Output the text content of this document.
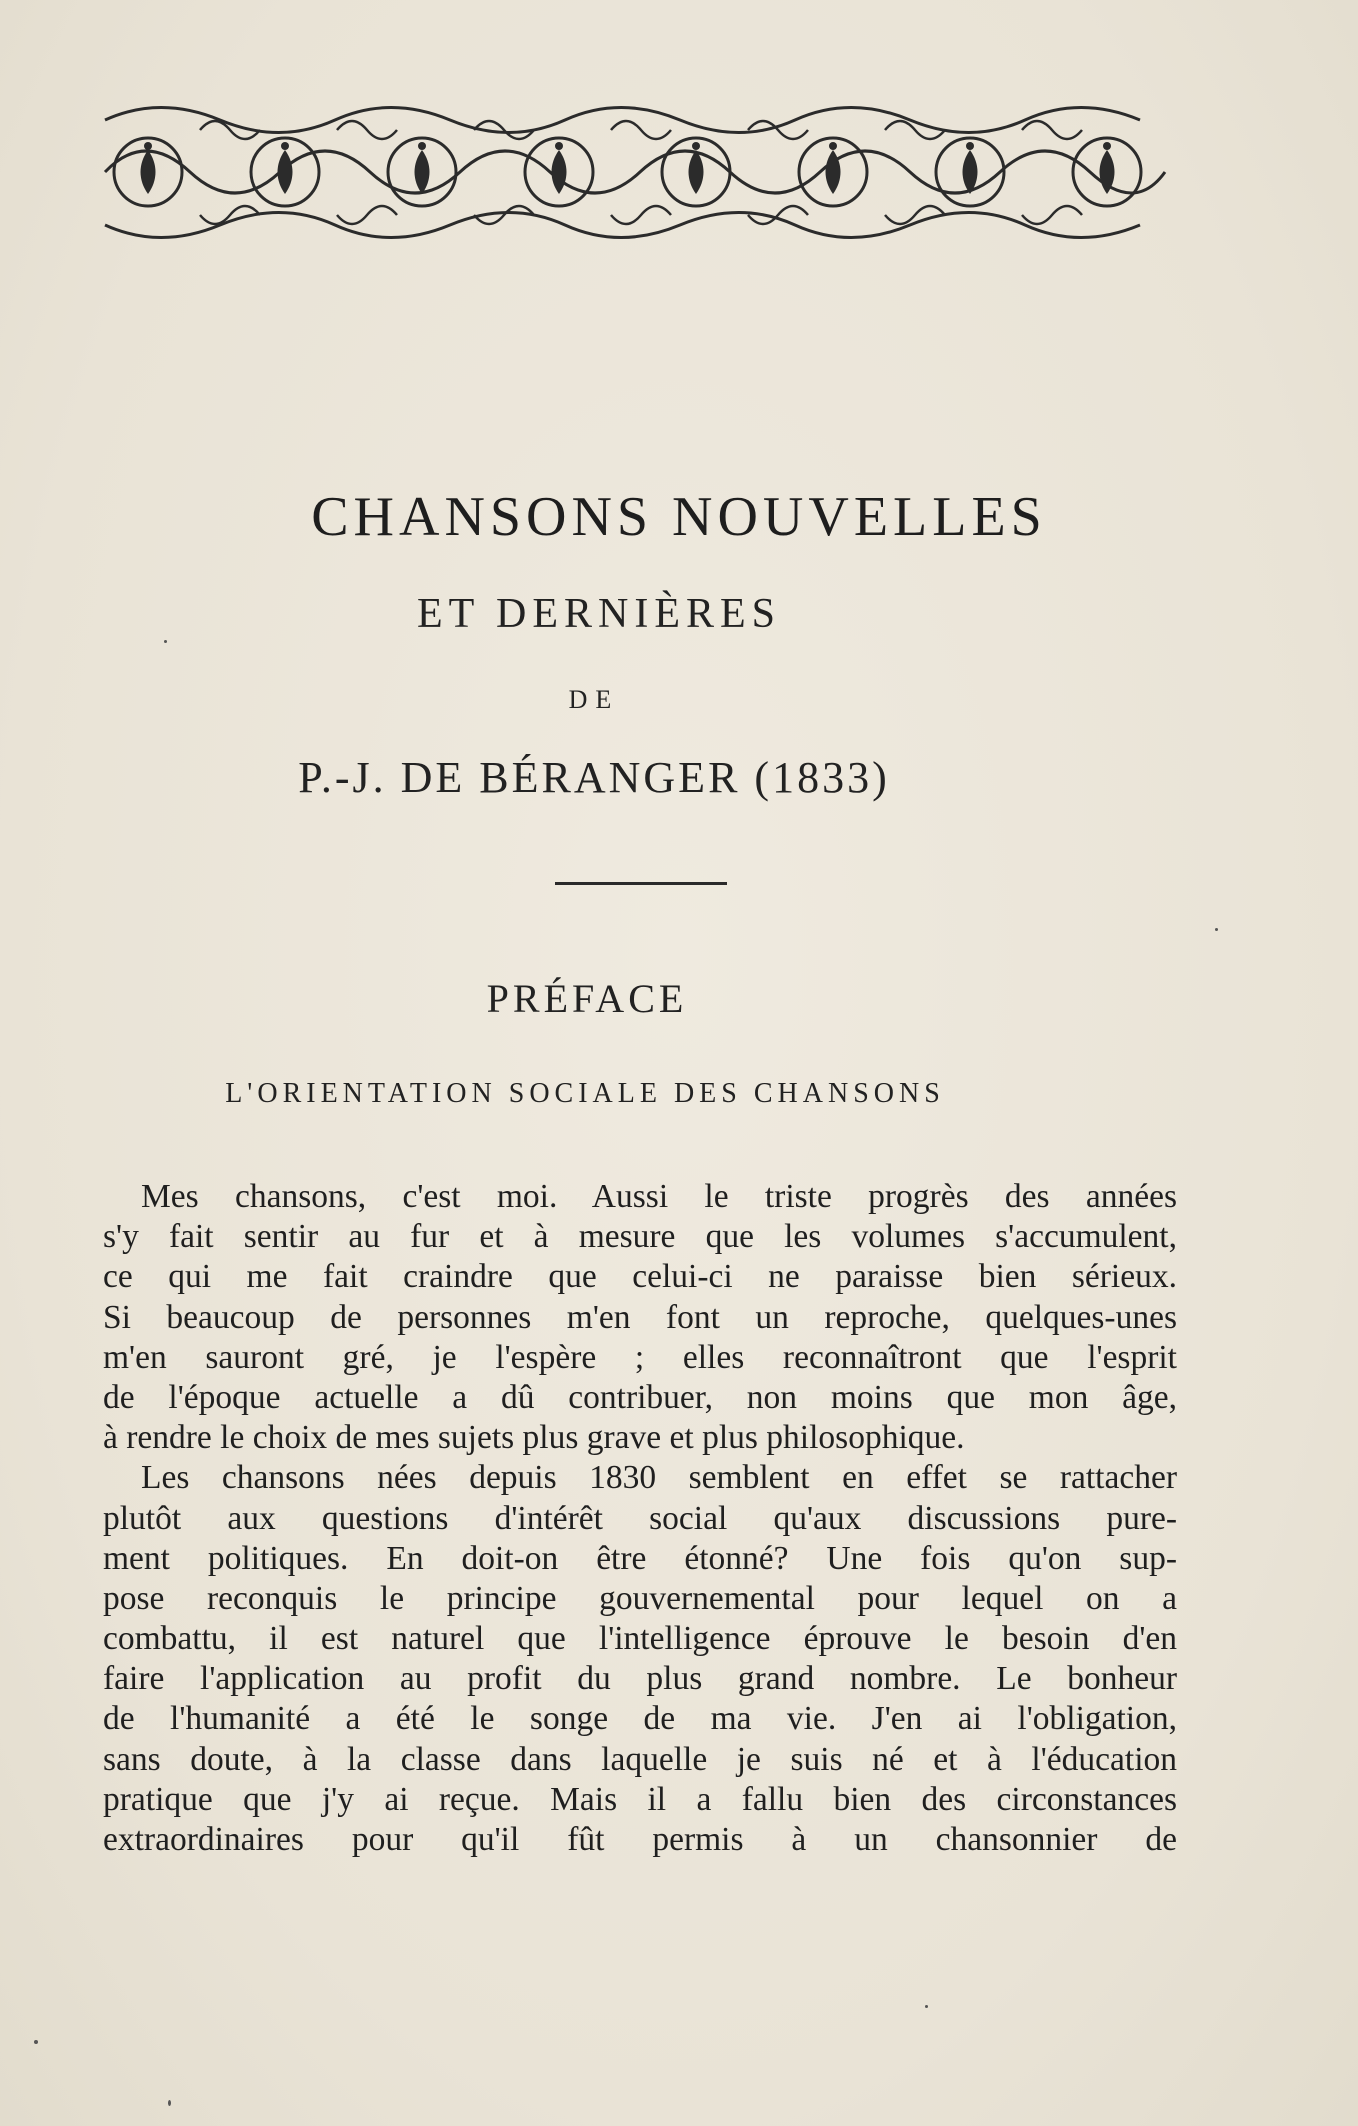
CHANSONS NOUVELLES
ET DERNIÈRES
DE
P.-J. DE BÉRANGER (1833)
PRÉFACE
L'ORIENTATION SOCIALE DES CHANSONS
Mes chansons, c'est moi. Aussi le triste progrès des années
s'y fait sentir au fur et à mesure que les volumes s'accumulent,
ce qui me fait craindre que celui-ci ne paraisse bien sérieux.
Si beaucoup de personnes m'en font un reproche, quelques-unes
m'en sauront gré, je l'espère ; elles reconnaîtront que l'esprit
de l'époque actuelle a dû contribuer, non moins que mon âge,
à rendre le choix de mes sujets plus grave et plus philosophique.
Les chansons nées depuis 1830 semblent en effet se rattacher
plutôt aux questions d'intérêt social qu'aux discussions pure-
ment politiques. En doit-on être étonné? Une fois qu'on sup-
pose reconquis le principe gouvernemental pour lequel on a
combattu, il est naturel que l'intelligence éprouve le besoin d'en
faire l'application au profit du plus grand nombre. Le bonheur
de l'humanité a été le songe de ma vie. J'en ai l'obligation,
sans doute, à la classe dans laquelle je suis né et à l'éducation
pratique que j'y ai reçue. Mais il a fallu bien des circonstances
extraordinaires pour qu'il fût permis à un chansonnier de
